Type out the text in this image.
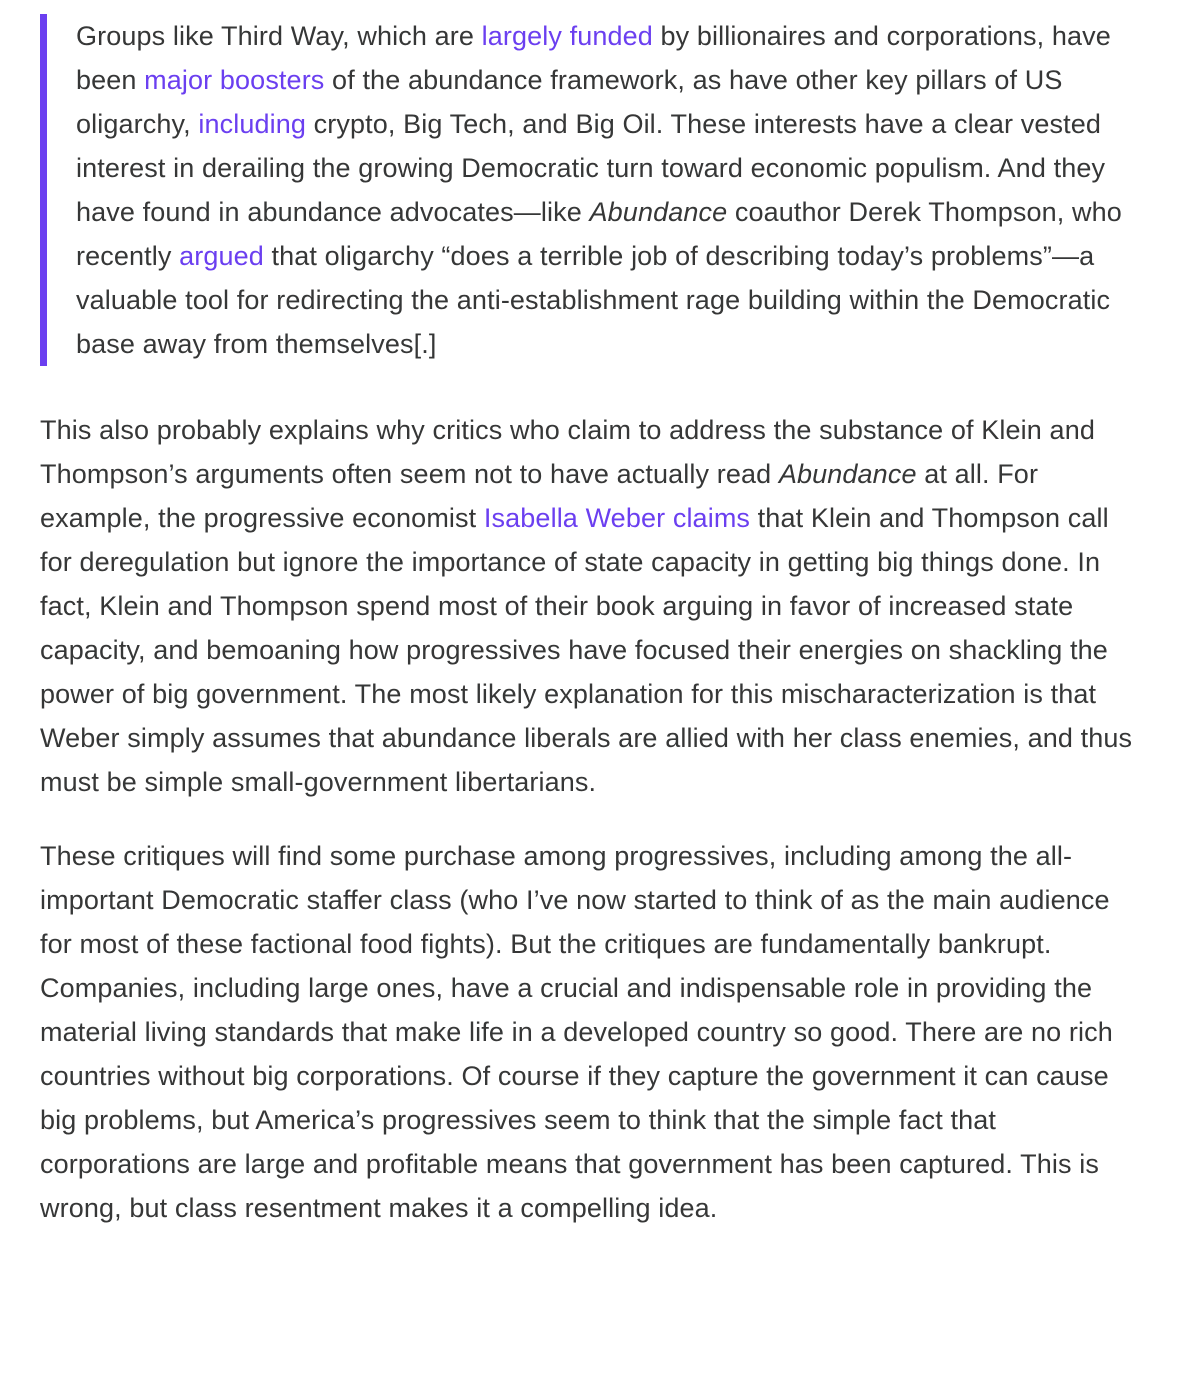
Groups like Third Way, which are largely funded by billionaires and corporations, have been major boosters of the abundance framework, as have other key pillars of US oligarchy, including crypto, Big Tech, and Big Oil. These interests have a clear vested interest in derailing the growing Democratic turn toward economic populism. And they have found in abundance advocates—like Abundance coauthor Derek Thompson, who recently argued that oligarchy “does a terrible job of describing today’s problems”—a valuable tool for redirecting the anti-establishment rage building within the Democratic base away from themselves[.]

This also probably explains why critics who claim to address the substance of Klein and Thompson’s arguments often seem not to have actually read Abundance at all. For example, the progressive economist Isabella Weber claims that Klein and Thompson call for deregulation but ignore the importance of state capacity in getting big things done. In fact, Klein and Thompson spend most of their book arguing in favor of increased state capacity, and bemoaning how progressives have focused their energies on shackling the power of big government. The most likely explanation for this mischaracterization is that Weber simply assumes that abundance liberals are allied with her class enemies, and thus must be simple small-government libertarians.

These critiques will find some purchase among progressives, including among the all-important Democratic staffer class (who I’ve now started to think of as the main audience for most of these factional food fights). But the critiques are fundamentally bankrupt. Companies, including large ones, have a crucial and indispensable role in providing the material living standards that make life in a developed country so good. There are no rich countries without big corporations. Of course if they capture the government it can cause big problems, but America’s progressives seem to think that the simple fact that corporations are large and profitable means that government has been captured. This is wrong, but class resentment makes it a compelling idea.
